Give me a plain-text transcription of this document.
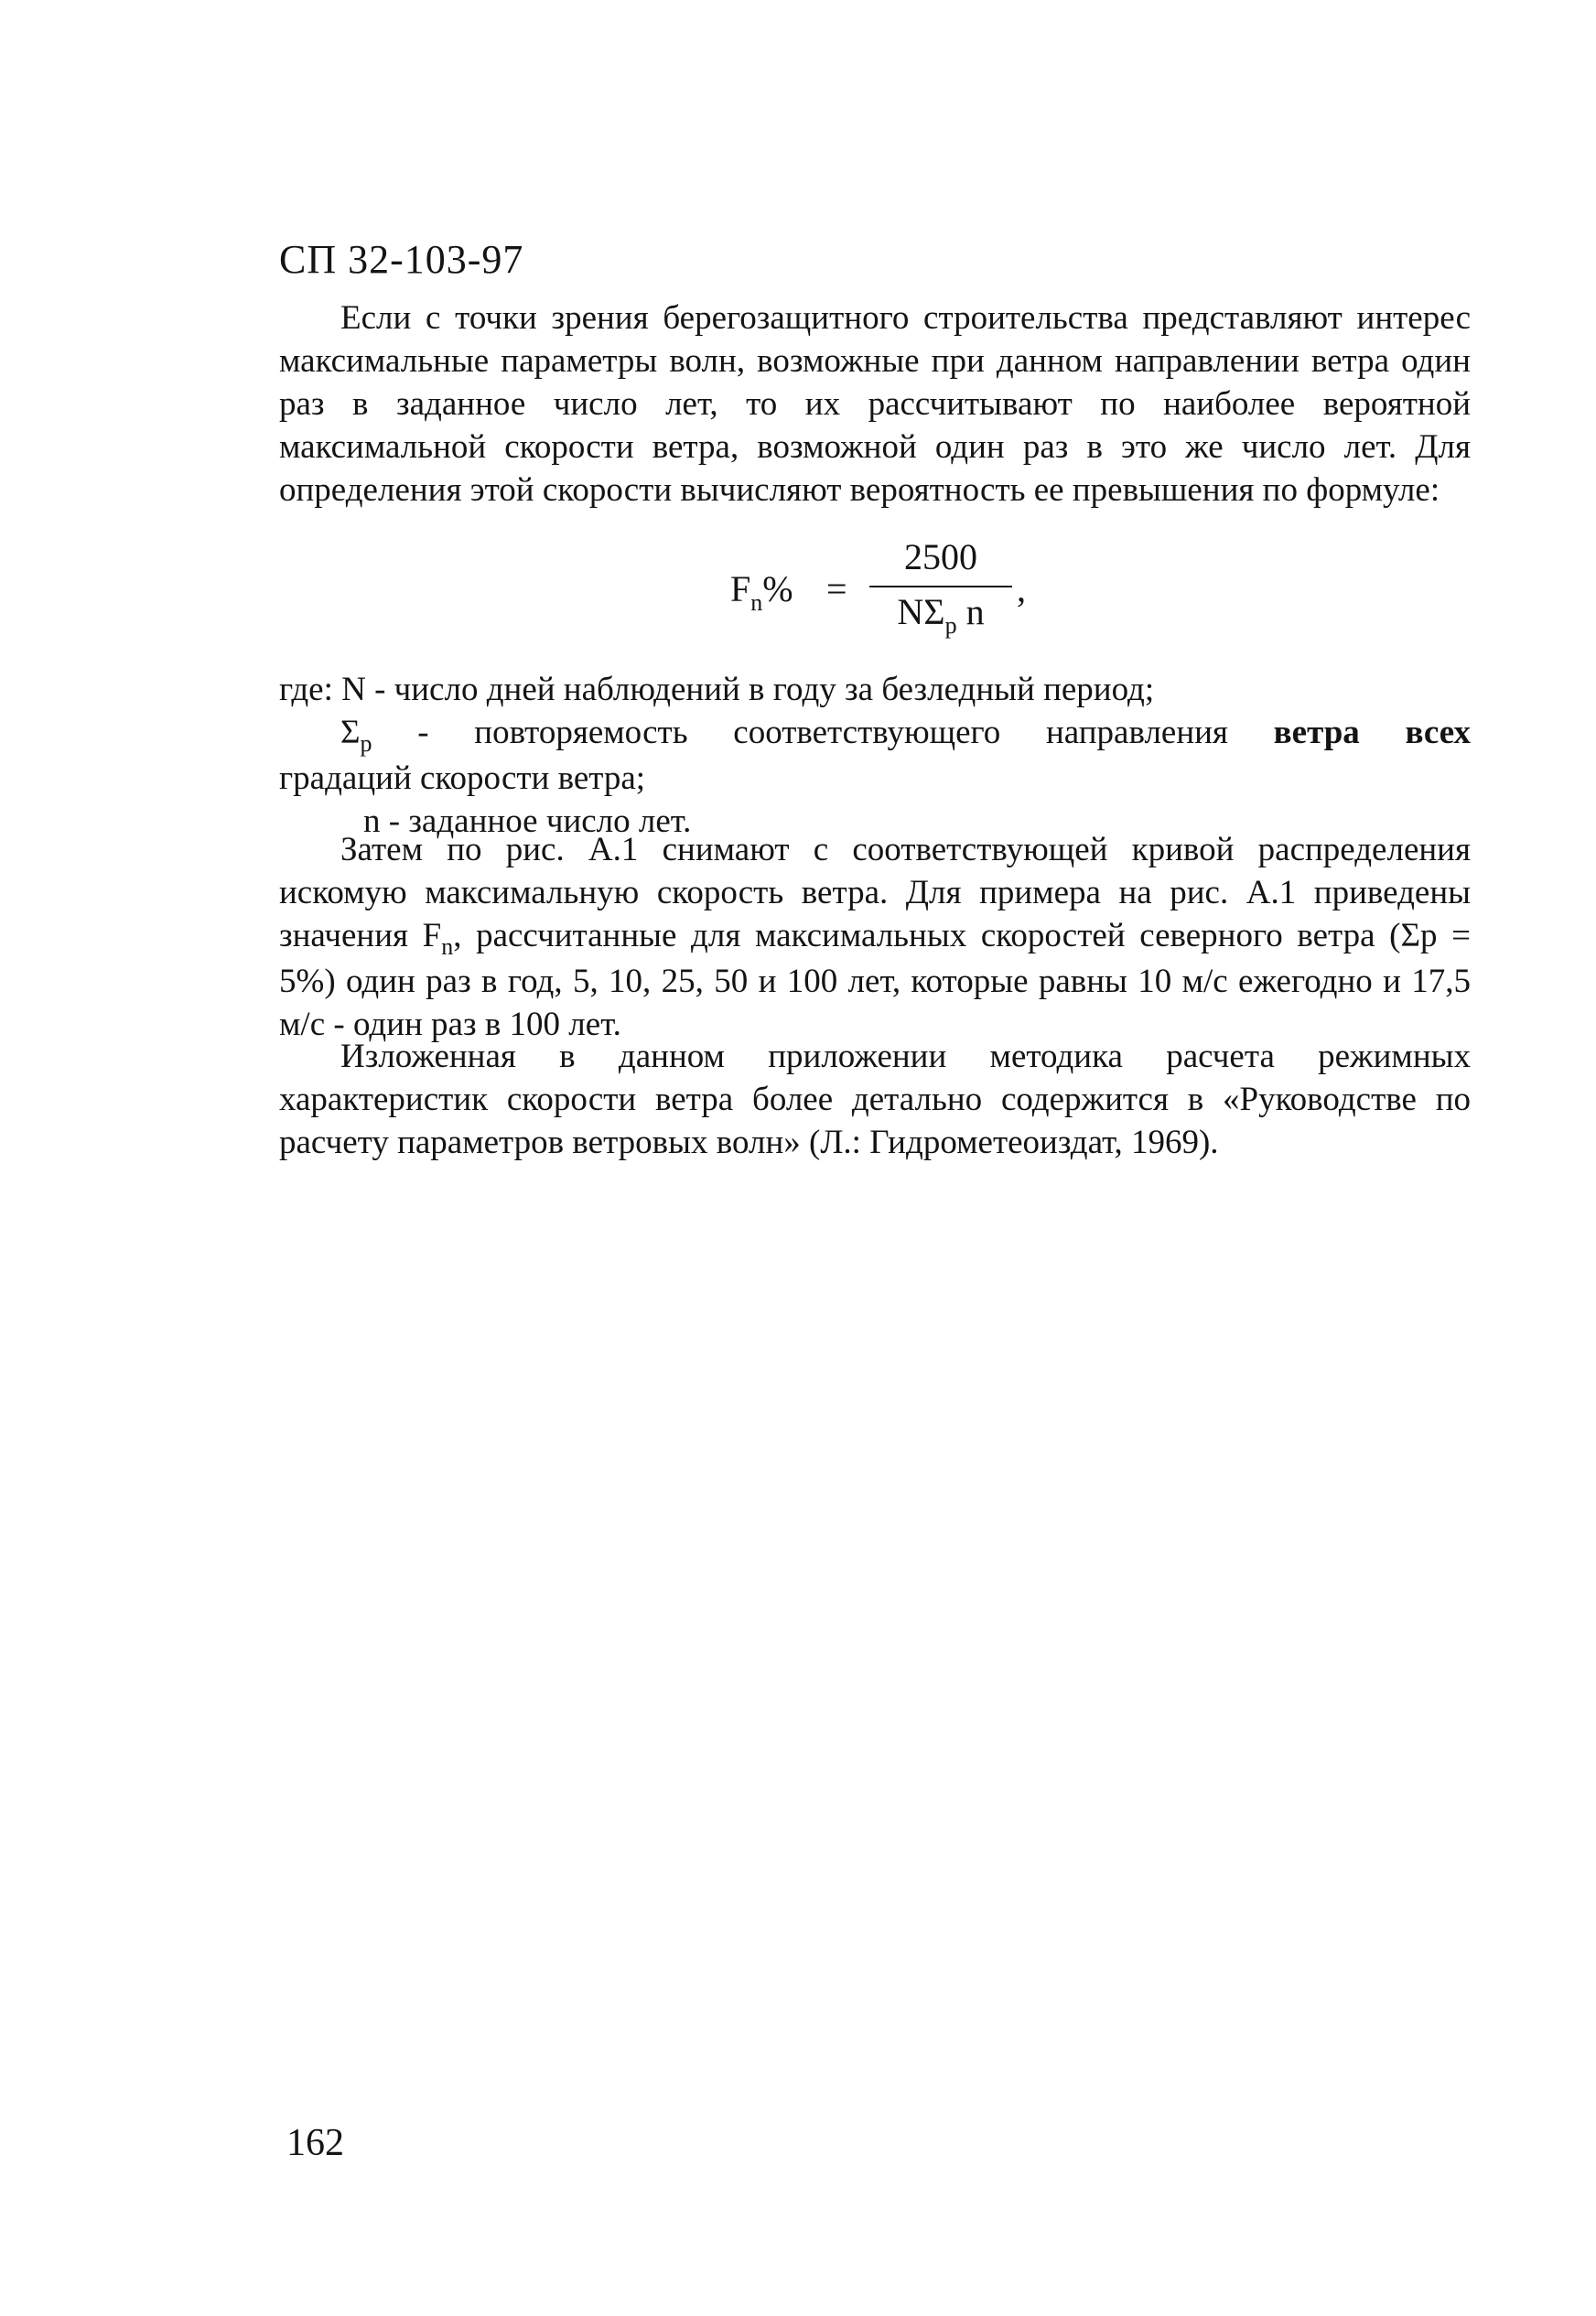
СП 32-103-97

Если с точки зрения берегозащитного строительства представляют интерес максимальные параметры волн, возможные при данном направлении ветра один раз в заданное число лет, то их рассчитывают по наиболее вероятной максимальной скорости ветра, возможной один раз в это же число лет. Для определения этой скорости вычисляют вероятность ее превышения по формуле:

$F_n\%$ =
2500
$N\Sigma_p$ n
,

где: N - число дней наблюдений в году за безледный период;

$\Sigma_p$ - повторяемость соответствующего направления ветра всех

градаций скорости ветра;

n - заданное число лет.

Затем по рис. А.1 снимают с соответствующей кривой распределения искомую максимальную скорость ветра. Для примера на рис. А.1 приведены значения $F_n$, рассчитанные для максимальных скоростей северного ветра (Σр = 5%) один раз в год, 5, 10, 25, 50 и 100 лет, которые равны 10 м/с ежегодно и 17,5 м/с - один раз в 100 лет.

Изложенная в данном приложении методика расчета режимных характеристик скорости ветра более детально содержится в «Руководстве по расчету параметров ветровых волн» (Л.: Гидрометеоиздат, 1969).

162
